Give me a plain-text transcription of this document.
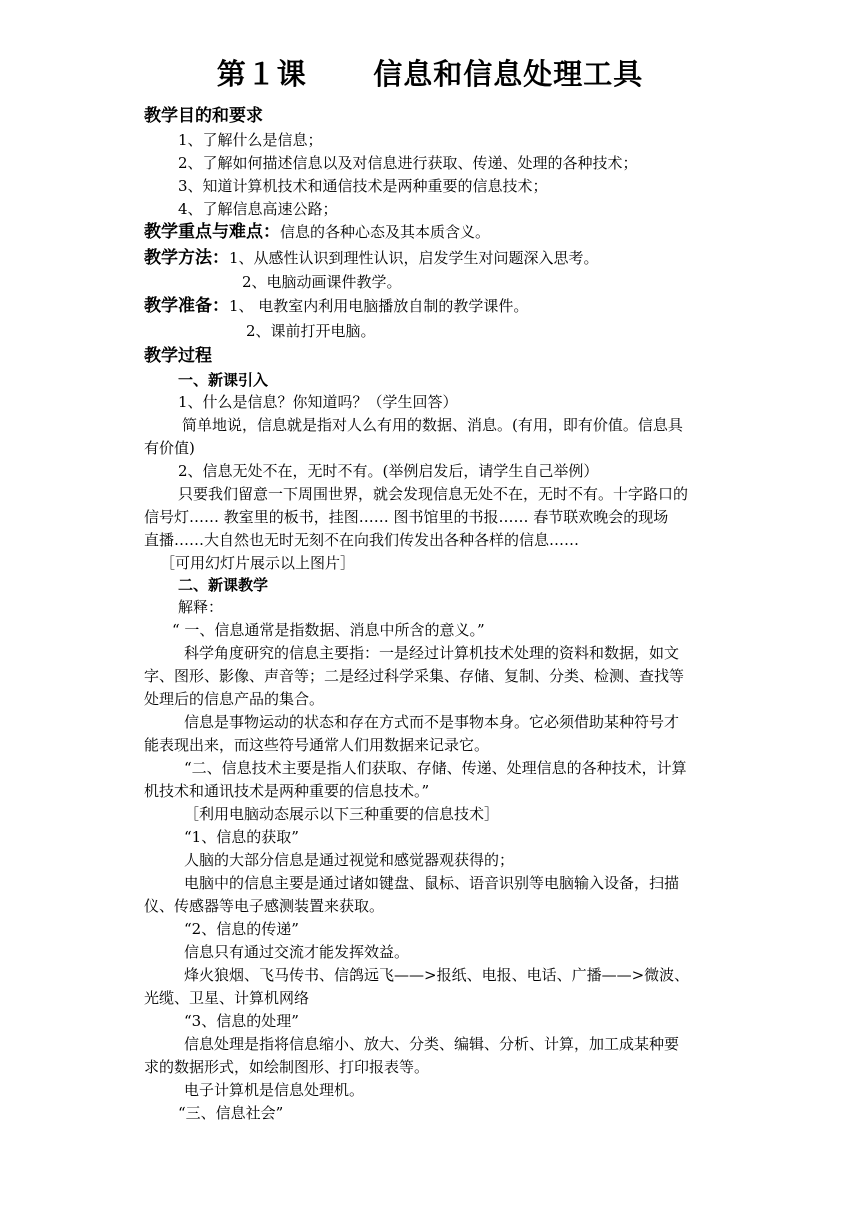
第１课      信息和信息处理工具
教学目的和要求
1、了解什么是信息；
2、了解如何描述信息以及对信息进行获取、传递、处理的各种技术；
3、知道计算机技术和通信技术是两种重要的信息技术；
4、了解信息高速公路；
教学重点与难点：信息的各种心态及其本质含义。
教学方法：1、从感性认识到理性认识，启发学生对问题深入思考。
2、电脑动画课件教学。
教学准备：1、 电教室内利用电脑播放自制的教学课件。
2、课前打开电脑。
教学过程
一、新课引入
1、什么是信息？你知道吗？（学生回答）
简单地说，信息就是指对人么有用的数据、消息。(有用，即有价值。信息具
有价值)
2、信息无处不在，无时不有。(举例启发后，请学生自己举例）
只要我们留意一下周围世界，就会发现信息无处不在，无时不有。十字路口的
信号灯…… 教室里的板书，挂图…… 图书馆里的书报…… 春节联欢晚会的现场
直播……大自然也无时无刻不在向我们传发出各种各样的信息……
［可用幻灯片展示以上图片］
二、新课教学
解释：
“ 一、信息通常是指数据、消息中所含的意义。”
科学角度研究的信息主要指：一是经过计算机技术处理的资料和数据，如文
字、图形、影像、声音等；二是经过科学采集、存储、复制、分类、检测、查找等
处理后的信息产品的集合。
信息是事物运动的状态和存在方式而不是事物本身。它必须借助某种符号才
能表现出来，而这些符号通常人们用数据来记录它。
“二、信息技术主要是指人们获取、存储、传递、处理信息的各种技术，计算
机技术和通讯技术是两种重要的信息技术。”
［利用电脑动态展示以下三种重要的信息技术］
“1、信息的获取”
人脑的大部分信息是通过视觉和感觉器观获得的；
电脑中的信息主要是通过诸如键盘、鼠标、语音识别等电脑输入设备，扫描
仪、传感器等电子感测装置来获取。
“2、信息的传递”
信息只有通过交流才能发挥效益。
烽火狼烟、飞马传书、信鸽远飞——>报纸、电报、电话、广播——>微波、
光缆、卫星、计算机网络
“3、信息的处理”
信息处理是指将信息缩小、放大、分类、编辑、分析、计算，加工成某种要
求的数据形式，如绘制图形、打印报表等。
电子计算机是信息处理机。
“三、信息社会”
